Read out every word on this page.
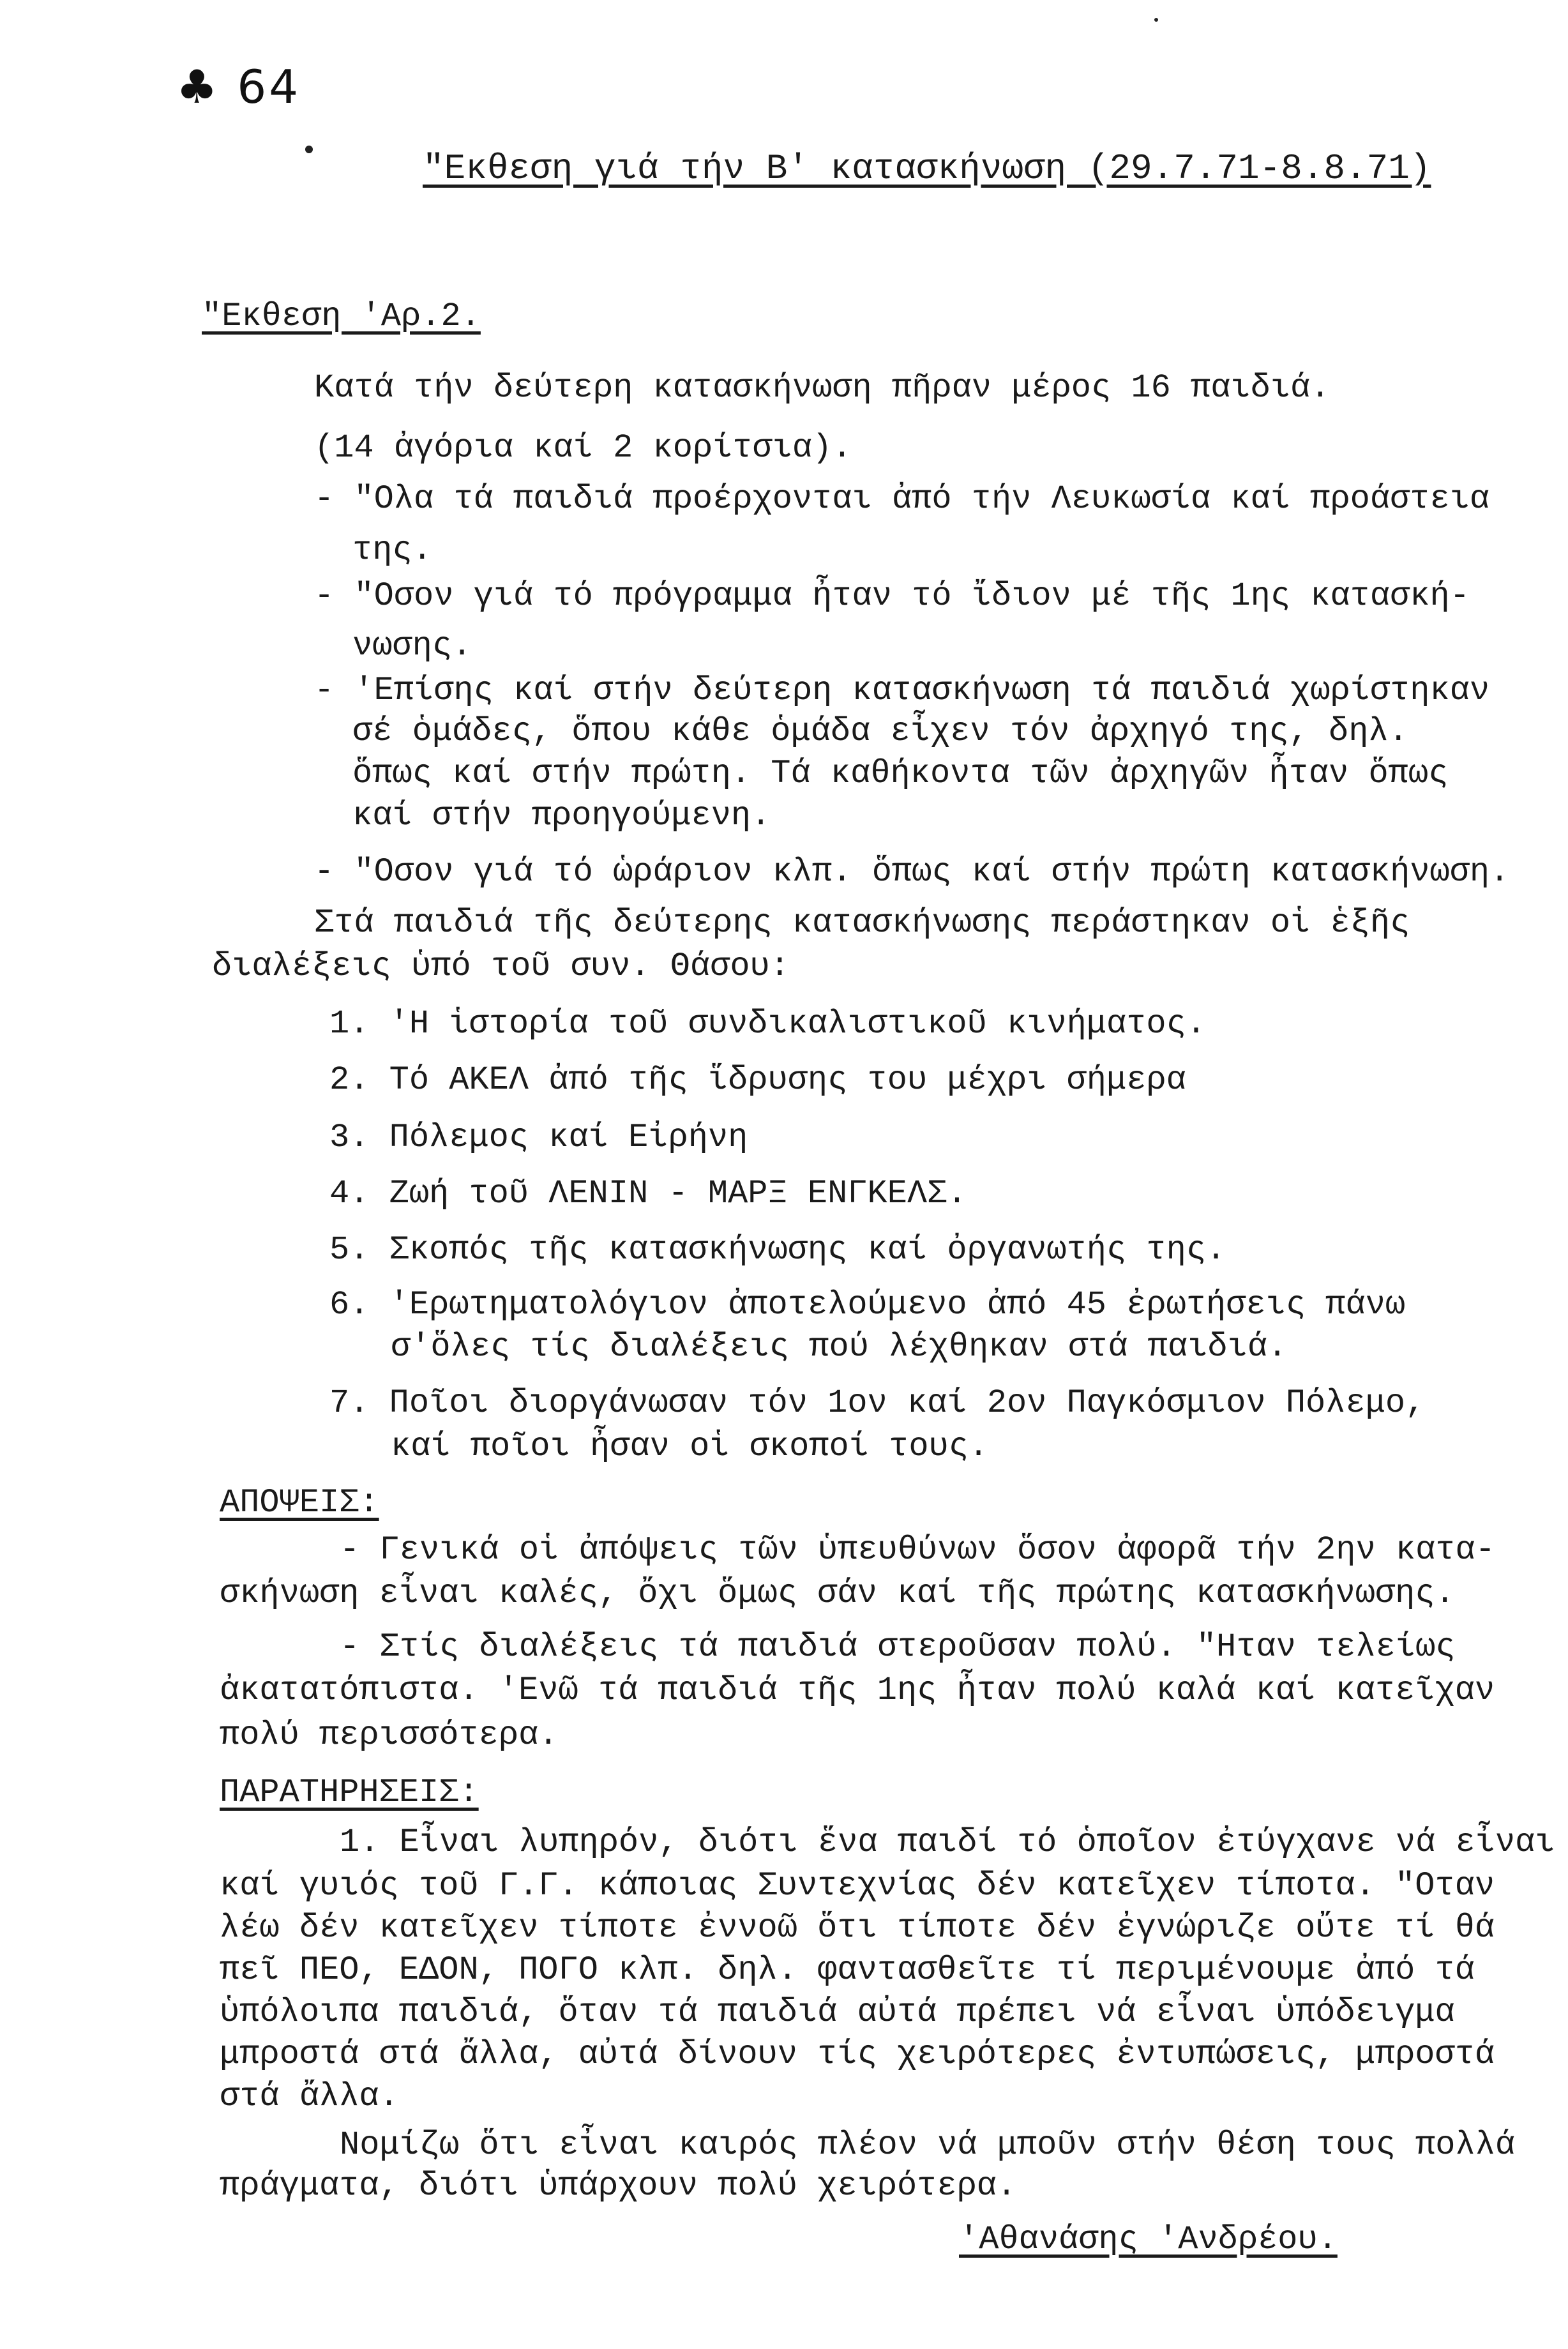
♣ 64
"Εκθεση γιά τήν Β' κατασκήνωση (29.7.71-8.8.71)
"Εκθεση 'Αρ.2.
Κατά τήν δεύτερη κατασκήνωση πῆραν μέρος 16 παιδιά.
(14 ἀγόρια καί 2 κορίτσια).
- "Ολα τά παιδιά προέρχονται ἀπό τήν Λευκωσία καί προάστεια
της.
- "Οσον γιά τό πρόγραμμα ἦταν τό ἴδιον μέ τῆς 1ης κατασκή-
νωσης.
- 'Επίσης καί στήν δεύτερη κατασκήνωση τά παιδιά χωρίστηκαν
σέ ὁμάδες, ὅπου κάθε ὁμάδα εἶχεν τόν ἀρχηγό της, δηλ.
ὅπως καί στήν πρώτη. Τά καθήκοντα τῶν ἀρχηγῶν ἦταν ὅπως
καί στήν προηγούμενη.
- "Οσον γιά τό ὡράριον κλπ. ὅπως καί στήν πρώτη κατασκήνωση.
Στά παιδιά τῆς δεύτερης κατασκήνωσης περάστηκαν οἱ ἑξῆς
διαλέξεις ὑπό τοῦ συν. Θάσου:
1. 'Η ἱστορία τοῦ συνδικαλιστικοῦ κινήματος.
2. Τό ΑΚΕΛ ἀπό τῆς ἵδρυσης του μέχρι σήμερα
3. Πόλεμος καί Εἰρήνη
4. Ζωή τοῦ ΛΕΝΙΝ - ΜΑΡΞ ΕΝΓΚΕΛΣ.
5. Σκοπός τῆς κατασκήνωσης καί ὀργανωτής της.
6. 'Ερωτηματολόγιον ἀποτελούμενο ἀπό 45 ἐρωτήσεις πάνω
σ'ὅλες τίς διαλέξεις πού λέχθηκαν στά παιδιά.
7. Ποῖοι διοργάνωσαν τόν 1ον καί 2ον Παγκόσμιον Πόλεμο,
καί ποῖοι ἦσαν οἱ σκοποί τους.
ΑΠΟΨΕΙΣ:
- Γενικά οἱ ἀπόψεις τῶν ὑπευθύνων ὅσον ἀφορᾶ τήν 2ην κατα-
σκήνωση εἶναι καλές, ὄχι ὅμως σάν καί τῆς πρώτης κατασκήνωσης.
- Στίς διαλέξεις τά παιδιά στεροῦσαν πολύ. "Ηταν τελείως
ἀκατατόπιστα. 'Ενῶ τά παιδιά τῆς 1ης ἦταν πολύ καλά καί κατεῖχαν
πολύ περισσότερα.
ΠΑΡΑΤΗΡΗΣΕΙΣ:
1. Εἶναι λυπηρόν, διότι ἕνα παιδί τό ὁποῖον ἐτύγχανε νά εἶναι
καί γυιός τοῦ Γ.Γ. κάποιας Συντεχνίας δέν κατεῖχεν τίποτα. "Οταν
λέω δέν κατεῖχεν τίποτε ἐννοῶ ὅτι τίποτε δέν ἐγνώριζε οὔτε τί θά
πεῖ ΠΕΟ, ΕΔΟΝ, ΠΟΓΟ κλπ. δηλ. φαντασθεῖτε τί περιμένουμε ἀπό τά
ὑπόλοιπα παιδιά, ὅταν τά παιδιά αὐτά πρέπει νά εἶναι ὑπόδειγμα
μπροστά στά ἄλλα, αὐτά δίνουν τίς χειρότερες ἐντυπώσεις, μπροστά
στά ἄλλα.
Νομίζω ὅτι εἶναι καιρός πλέον νά μποῦν στήν θέση τους πολλά
πράγματα, διότι ὑπάρχουν πολύ χειρότερα.
'Αθανάσης 'Ανδρέου.
